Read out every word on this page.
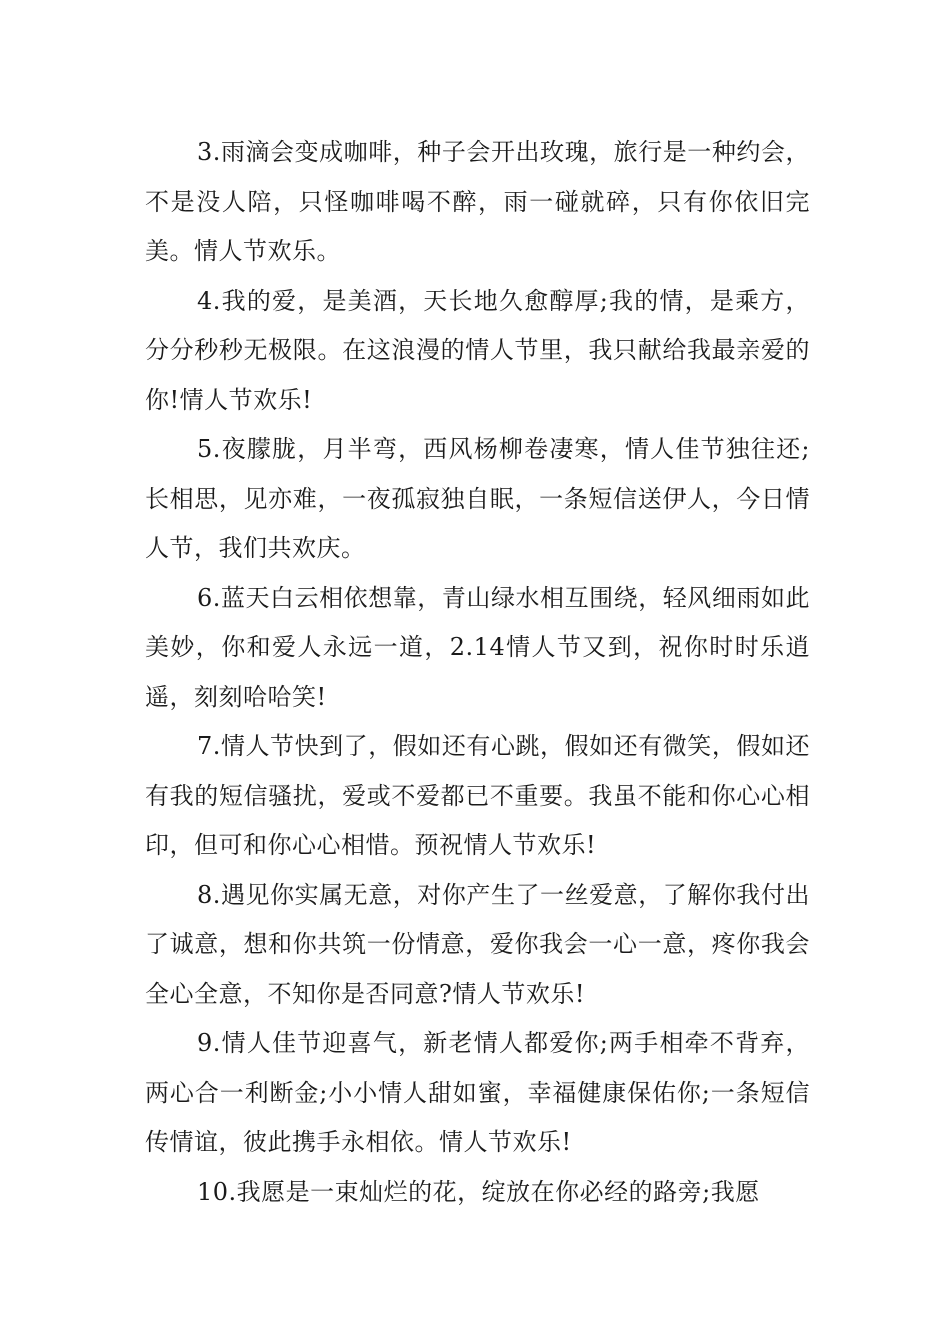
3.雨滴会变成咖啡，种子会开出玫瑰，旅行是一种约会，不是没人陪，只怪咖啡喝不醉，雨一碰就碎，只有你依旧完美。情人节欢乐。

4.我的爱，是美酒，天长地久愈醇厚;我的情，是乘方，分分秒秒无极限。在这浪漫的情人节里，我只献给我最亲爱的你!情人节欢乐!

5.夜朦胧，月半弯，西风杨柳卷凄寒，情人佳节独往还;长相思，见亦难，一夜孤寂独自眠，一条短信送伊人，今日情人节，我们共欢庆。

6.蓝天白云相依想靠，青山绿水相互围绕，轻风细雨如此美妙，你和爱人永远一道，2.14情人节又到，祝你时时乐逍遥，刻刻哈哈笑!

7.情人节快到了，假如还有心跳，假如还有微笑，假如还有我的短信骚扰，爱或不爱都已不重要。我虽不能和你心心相印，但可和你心心相惜。预祝情人节欢乐!

8.遇见你实属无意，对你产生了一丝爱意，了解你我付出了诚意，想和你共筑一份情意，爱你我会一心一意，疼你我会全心全意，不知你是否同意?情人节欢乐!

9.情人佳节迎喜气，新老情人都爱你;两手相牵不背弃，两心合一利断金;小小情人甜如蜜，幸福健康保佑你;一条短信传情谊，彼此携手永相依。情人节欢乐!

10.我愿是一束灿烂的花，绽放在你必经的路旁;我愿
